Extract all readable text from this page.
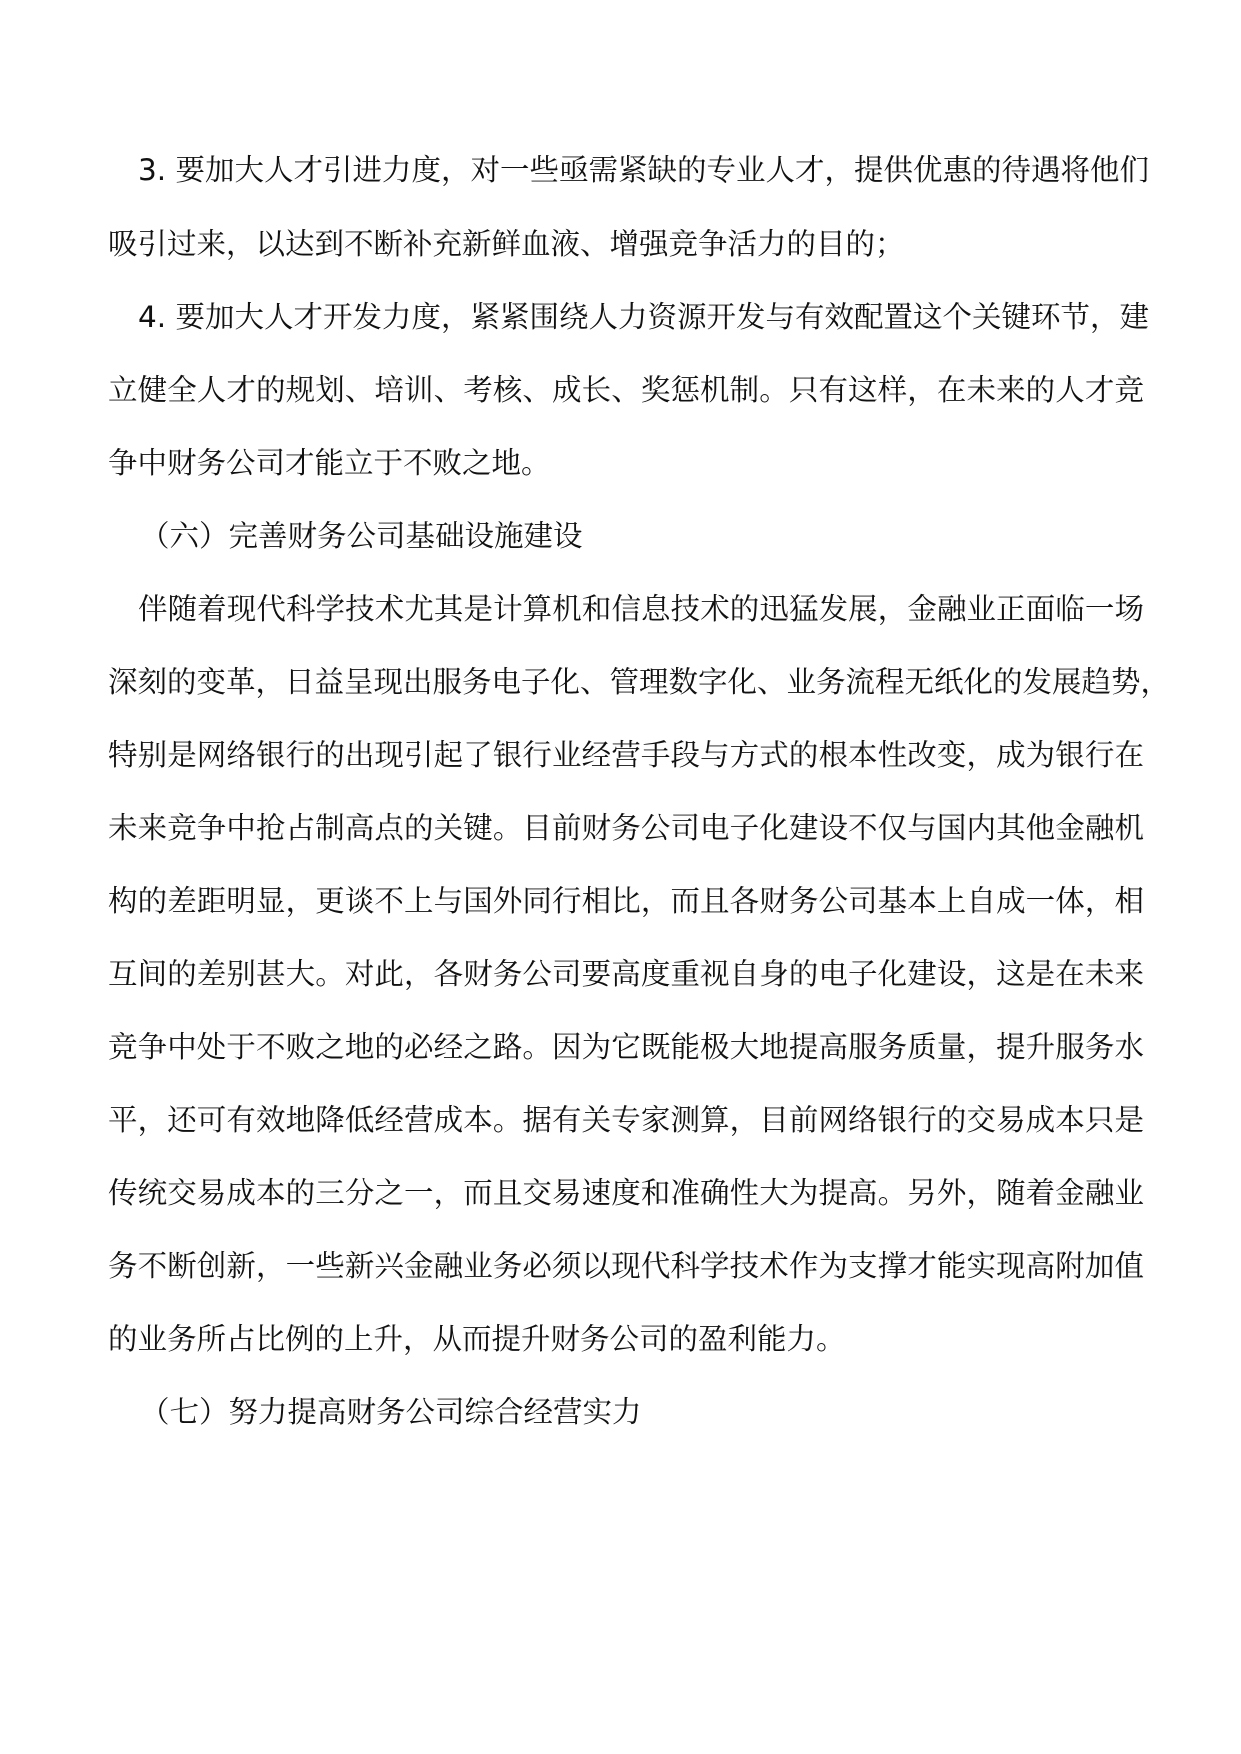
3. 要加大人才引进力度，对一些亟需紧缺的专业人才，提供优惠的待遇将他们
吸引过来，以达到不断补充新鲜血液、增强竞争活力的目的；
4. 要加大人才开发力度，紧紧围绕人力资源开发与有效配置这个关键环节，建
立健全人才的规划、培训、考核、成长、奖惩机制。只有这样，在未来的人才竞
争中财务公司才能立于不败之地。
（六）完善财务公司基础设施建设
伴随着现代科学技术尤其是计算机和信息技术的迅猛发展，金融业正面临一场
深刻的变革，日益呈现出服务电子化、管理数字化、业务流程无纸化的发展趋势，
特别是网络银行的出现引起了银行业经营手段与方式的根本性改变，成为银行在
未来竞争中抢占制高点的关键。目前财务公司电子化建设不仅与国内其他金融机
构的差距明显，更谈不上与国外同行相比，而且各财务公司基本上自成一体，相
互间的差别甚大。对此，各财务公司要高度重视自身的电子化建设，这是在未来
竞争中处于不败之地的必经之路。因为它既能极大地提高服务质量，提升服务水
平，还可有效地降低经营成本。据有关专家测算，目前网络银行的交易成本只是
传统交易成本的三分之一，而且交易速度和准确性大为提高。另外，随着金融业
务不断创新，一些新兴金融业务必须以现代科学技术作为支撑才能实现高附加值
的业务所占比例的上升，从而提升财务公司的盈利能力。
（七）努力提高财务公司综合经营实力
